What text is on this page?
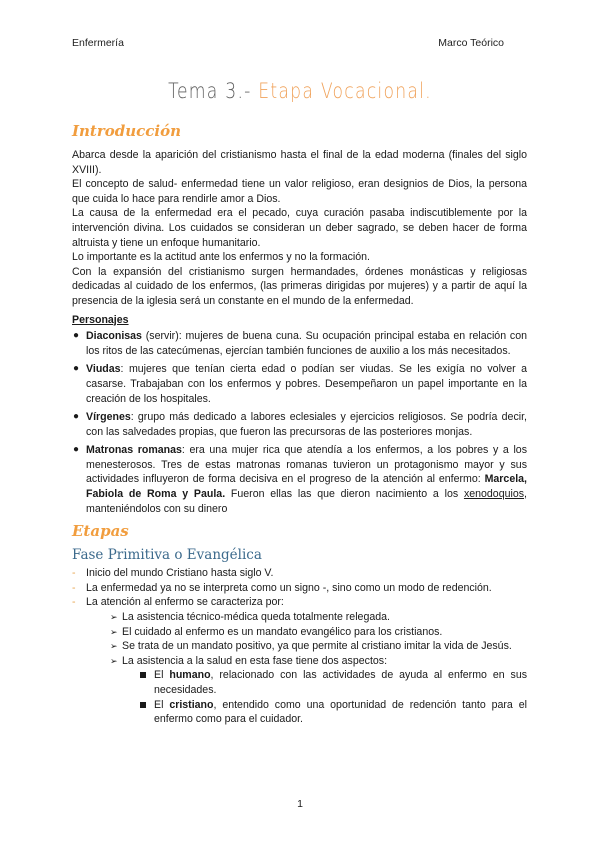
Enfermería	Marco Teórico
Tema 3.- Etapa Vocacional.
Introducción

Abarca desde la aparición del cristianismo hasta el final de la edad moderna (finales del siglo XVIII).

El concepto de salud- enfermedad tiene un valor religioso, eran designios de Dios, la persona que cuida lo hace para rendirle amor a Dios.

La causa de la enfermedad era el pecado, cuya curación pasaba indiscutiblemente por la intervención divina. Los cuidados se consideran un deber sagrado, se deben hacer de forma altruista y tiene un enfoque humanitario.

Lo importante es la actitud ante los enfermos y no la formación.

Con la expansión del cristianismo surgen hermandades, órdenes monásticas y religiosas dedicadas al cuidado de los enfermos, (las primeras dirigidas por mujeres) y a partir de aquí la presencia de la iglesia será un constante en el mundo de la enfermedad.

Personajes

● Diaconisas (servir): mujeres de buena cuna. Su ocupación principal estaba en relación con los ritos de las catecúmenas, ejercían también funciones de auxilio a los más necesitados.
● Viudas: mujeres que tenían cierta edad o podían ser viudas. Se les exigía no volver a casarse. Trabajaban con los enfermos y pobres. Desempeñaron un papel importante en la creación de los hospitales.
● Vírgenes: grupo más dedicado a labores eclesiales y ejercicios religiosos. Se podría decir, con las salvedades propias, que fueron las precursoras de las posteriores monjas.
● Matronas romanas: era una mujer rica que atendía a los enfermos, a los pobres y a los menesterosos. Tres de estas matronas romanas tuvieron un protagonismo mayor y sus actividades influyeron de forma decisiva en el progreso de la atención al enfermo: Marcela, Fabiola de Roma y Paula. Fueron ellas las que dieron nacimiento a los xenodoquios, manteniéndolos con su dinero
Etapas
Fase Primitiva o Evangélica
- Inicio del mundo Cristiano hasta siglo V.
- La enfermedad ya no se interpreta como un signo -, sino como un modo de redención.
- La atención al enfermo se caracteriza por:
➢ La asistencia técnico-médica queda totalmente relegada.
➢ El cuidado al enfermo es un mandato evangélico para los cristianos.
➢ Se trata de un mandato positivo, ya que permite al cristiano imitar la vida de Jesús.
➢ La asistencia a la salud en esta fase tiene dos aspectos:
El humano, relacionado con las actividades de ayuda al enfermo en sus necesidades.
El cristiano, entendido como una oportunidad de redención tanto para el enfermo como para el cuidador.
1
